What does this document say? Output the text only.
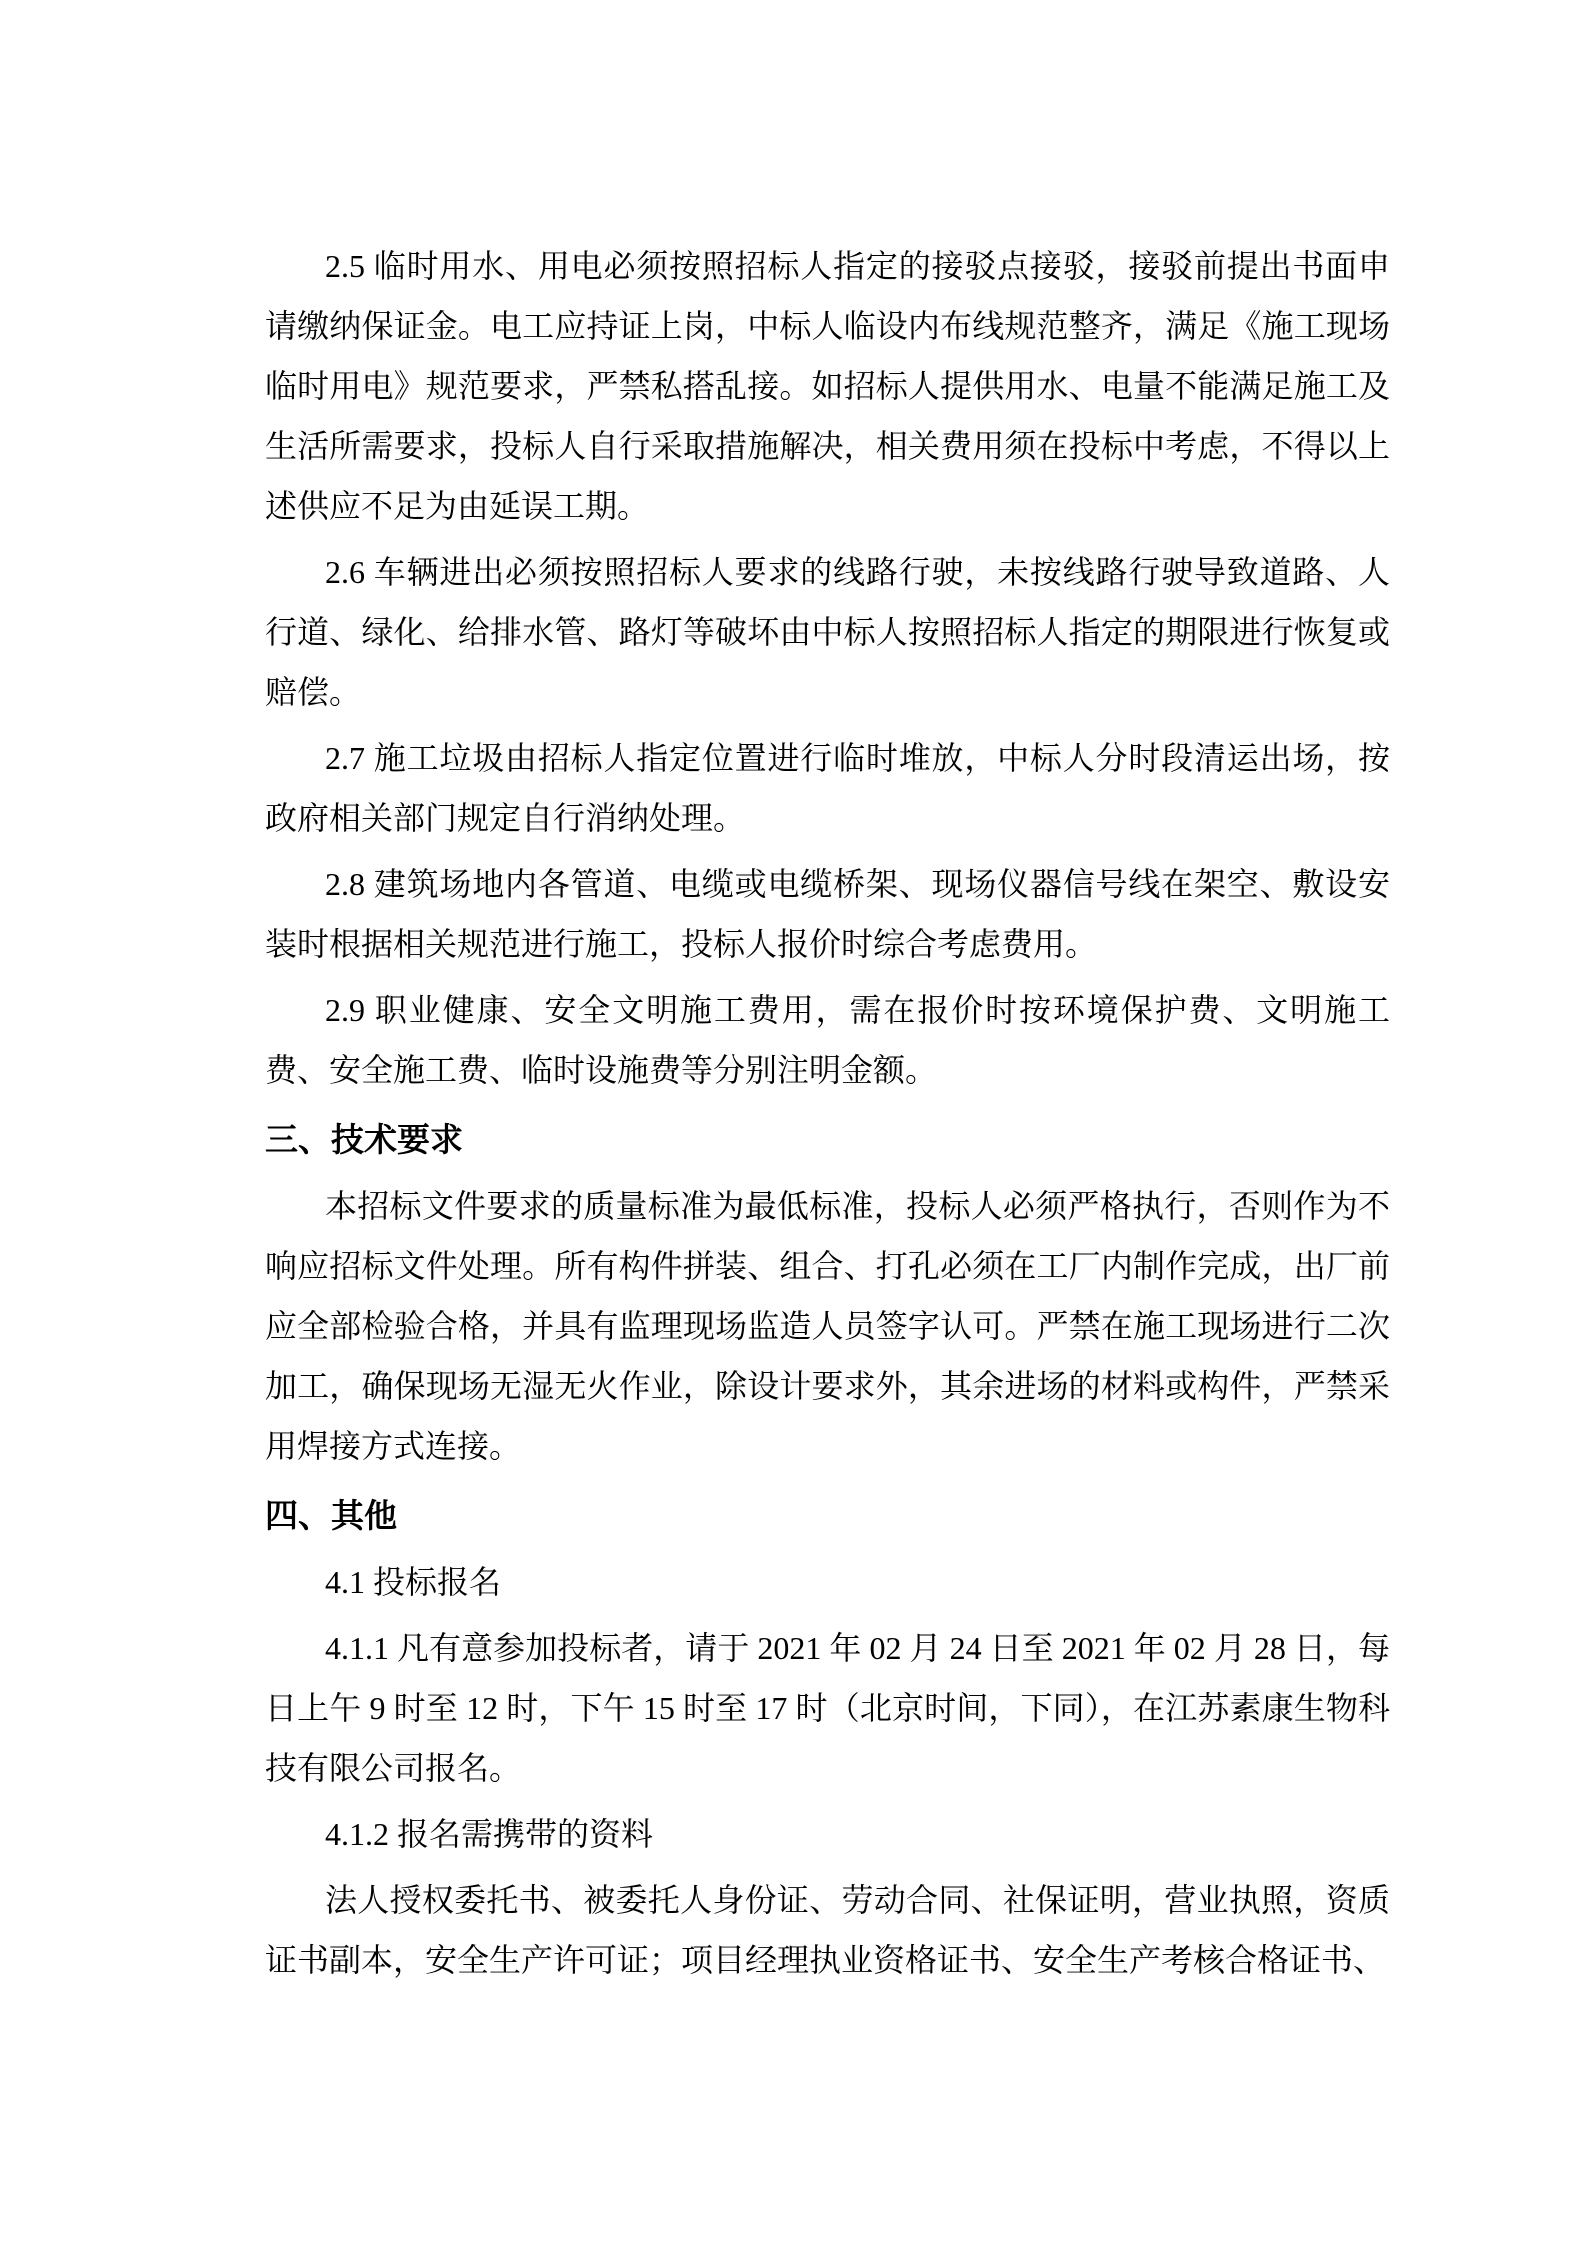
2.5 临时用水、用电必须按照招标人指定的接驳点接驳，接驳前提出书面申请缴纳保证金。电工应持证上岗，中标人临设内布线规范整齐，满足《施工现场临时用电》规范要求，严禁私搭乱接。如招标人提供用水、电量不能满足施工及生活所需要求，投标人自行采取措施解决，相关费用须在投标中考虑，不得以上述供应不足为由延误工期。

2.6 车辆进出必须按照招标人要求的线路行驶，未按线路行驶导致道路、人行道、绿化、给排水管、路灯等破坏由中标人按照招标人指定的期限进行恢复或赔偿。

2.7 施工垃圾由招标人指定位置进行临时堆放，中标人分时段清运出场，按政府相关部门规定自行消纳处理。

2.8 建筑场地内各管道、电缆或电缆桥架、现场仪器信号线在架空、敷设安装时根据相关规范进行施工，投标人报价时综合考虑费用。

2.9 职业健康、安全文明施工费用，需在报价时按环境保护费、文明施工费、安全施工费、临时设施费等分别注明金额。

三、技术要求

本招标文件要求的质量标准为最低标准，投标人必须严格执行，否则作为不响应招标文件处理。所有构件拼装、组合、打孔必须在工厂内制作完成，出厂前应全部检验合格，并具有监理现场监造人员签字认可。严禁在施工现场进行二次加工，确保现场无湿无火作业，除设计要求外，其余进场的材料或构件，严禁采用焊接方式连接。

四、其他

4.1 投标报名

4.1.1 凡有意参加投标者，请于 2021 年 02 月 24 日至 2021 年 02 月 28 日，每日上午 9 时至 12 时，下午 15 时至 17 时（北京时间，下同），在江苏素康生物科技有限公司报名。

4.1.2 报名需携带的资料

法人授权委托书、被委托人身份证、劳动合同、社保证明，营业执照，资质证书副本，安全生产许可证；项目经理执业资格证书、安全生产考核合格证书、
